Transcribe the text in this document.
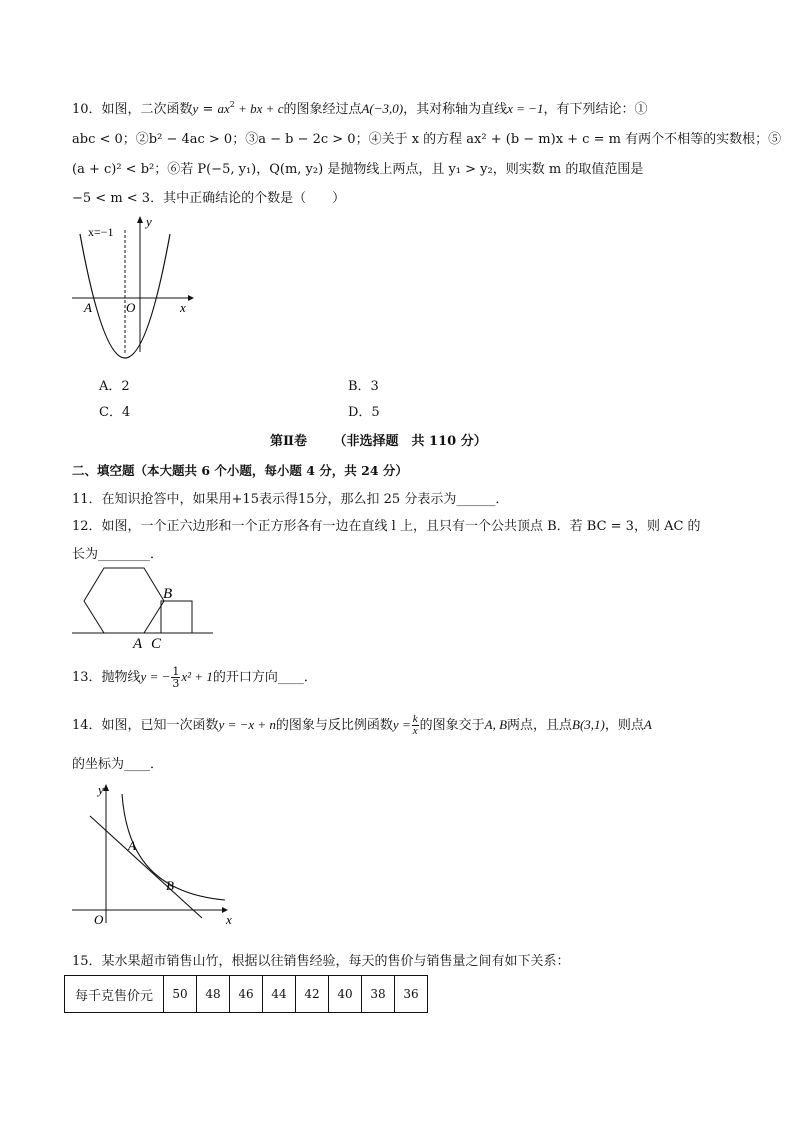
10．如图，二次函数$y = ax^2$ + bx + c的图象经过点A(−3,0)，其对称轴为直线x = −1，有下列结论：①
abc < 0；②b² − 4ac > 0；③a − b − 2c > 0；④关于 x 的方程 ax² + (b − m)x + c = m 有两个不相等的实数根；⑤
(a + c)² < b²；⑥若 P(−5, y₁)，Q(m, y₂) 是抛物线上两点，且 y₁ > y₂，则实数 m 的取值范围是
−5 < m < 3．其中正确结论的个数是（　　）
x=−1
y
x
O
A
A．2	B．3
C．4	D．5
第Ⅱ卷 （非选择题　共 110 分）
二、填空题（本大题共 6 个小题，每小题 4 分，共 24 分）
11．在知识抢答中，如果用+15表示得15分，那么扣 25 分表示为______．
12．如图，一个正六边形和一个正方形各有一边在直线 l 上，且只有一个公共顶点 B．若 BC = 3，则 AC 的
长为________．
B
A C
13．抛物线y = − $\frac{1}{3} x^2 + 1$的开口方向____．
14．如图，已知一次函数y = −x + n的图象与反比例函数$y = \frac{k}{x}$ 的图象交于A, B两点，且点B(3,1)，则点A
的坐标为____．
y
x
O
A
B
15．某水果超市销售山竹，根据以往销售经验，每天的售价与销售量之间有如下关系：
每千克售价元	50	48	46	44	42	40	38	36
